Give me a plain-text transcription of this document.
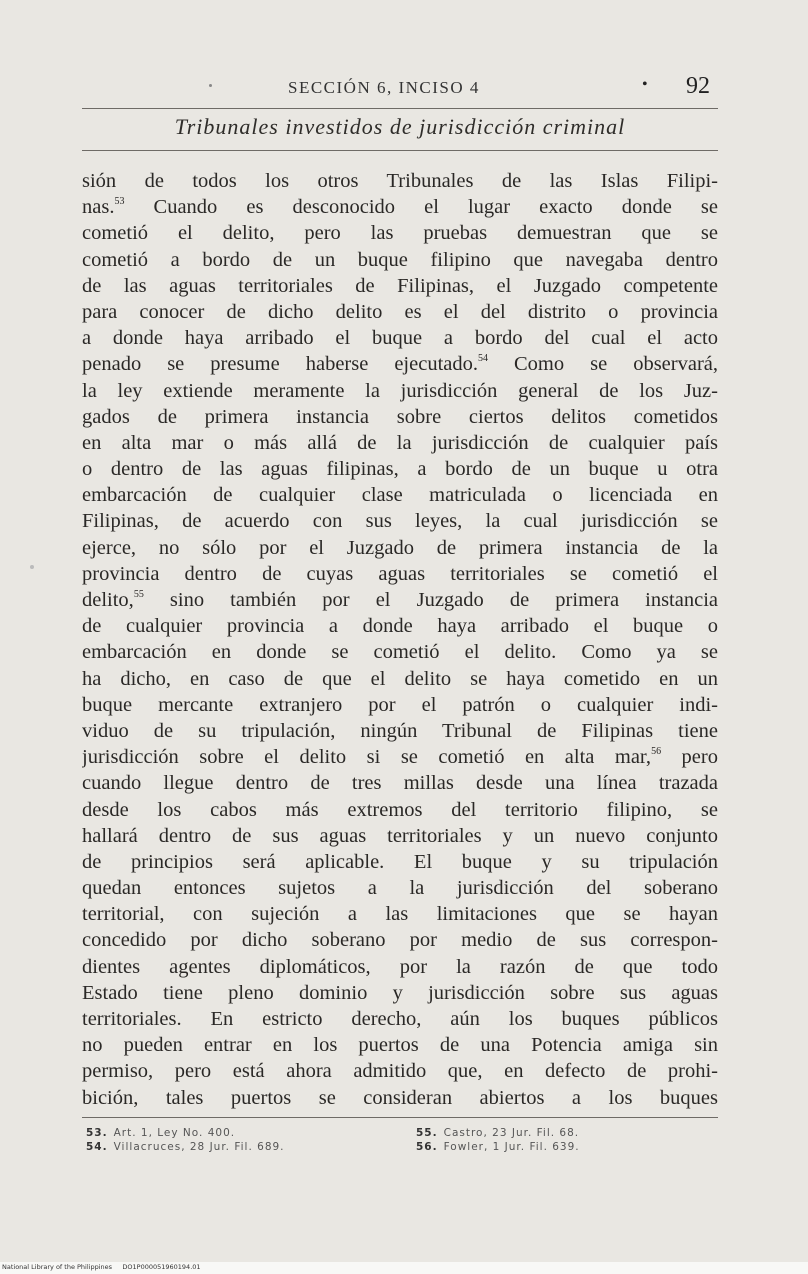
SECCIÓN 6, INCISO 4	• 92
Tribunales investidos de jurisdicción criminal
sión de todos los otros Tribunales de las Islas Filipi-
nas.$^{53}$ Cuando es desconocido el lugar exacto donde se
cometió el delito, pero las pruebas demuestran que se
cometió a bordo de un buque filipino que navegaba dentro
de las aguas territoriales de Filipinas, el Juzgado competente
para conocer de dicho delito es el del distrito o provincia
a donde haya arribado el buque a bordo del cual el acto
penado se presume haberse ejecutado.$^{54}$ Como se observará,
la ley extiende meramente la jurisdicción general de los Juz-
gados de primera instancia sobre ciertos delitos cometidos
en alta mar o más allá de la jurisdicción de cualquier país
o dentro de las aguas filipinas, a bordo de un buque u otra
embarcación de cualquier clase matriculada o licenciada en
Filipinas, de acuerdo con sus leyes, la cual jurisdicción se
ejerce, no sólo por el Juzgado de primera instancia de la
provincia dentro de cuyas aguas territoriales se cometió el
delito,$^{55}$ sino también por el Juzgado de primera instancia
de cualquier provincia a donde haya arribado el buque o
embarcación en donde se cometió el delito. Como ya se
ha dicho, en caso de que el delito se haya cometido en un
buque mercante extranjero por el patrón o cualquier indi-
viduo de su tripulación, ningún Tribunal de Filipinas tiene
jurisdicción sobre el delito si se cometió en alta mar,$^{56}$ pero
cuando llegue dentro de tres millas desde una línea trazada
desde los cabos más extremos del territorio filipino, se
hallará dentro de sus aguas territoriales y un nuevo conjunto
de principios será aplicable. El buque y su tripulación
quedan entonces sujetos a la jurisdicción del soberano
territorial, con sujeción a las limitaciones que se hayan
concedido por dicho soberano por medio de sus correspon-
dientes agentes diplomáticos, por la razón de que todo
Estado tiene pleno dominio y jurisdicción sobre sus aguas
territoriales. En estricto derecho, aún los buques públicos
no pueden entrar en los puertos de una Potencia amiga sin
permiso, pero está ahora admitido que, en defecto de prohi-
bición, tales puertos se consideran abiertos a los buques
53. Art. 1, Ley No. 400.
54. Villacruces, 28 Jur. Fil. 689.
55. Castro, 23 Jur. Fil. 68.
56. Fowler, 1 Jur. Fil. 639.
National Library of the Philippines DO1P000051960194.01
